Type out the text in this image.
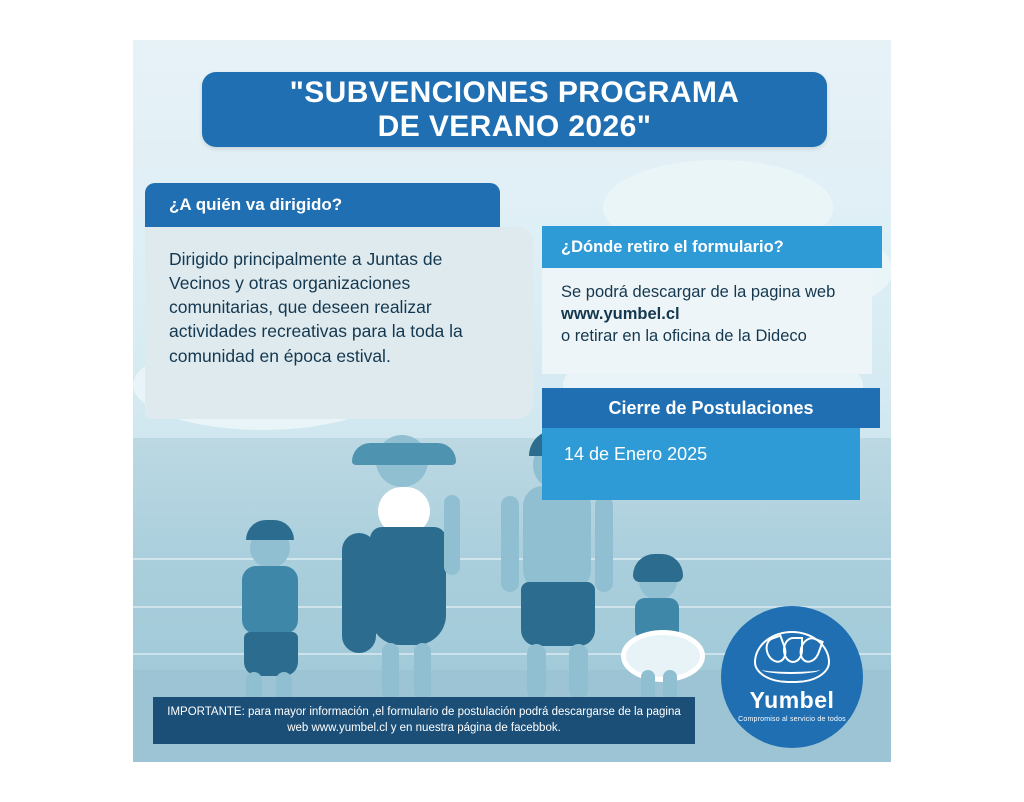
"SUBVENCIONES PROGRAMA
DE VERANO 2026"
¿A quién va dirigido?

Dirigido principalmente a Juntas de Vecinos y otras organizaciones comunitarias, que deseen realizar actividades recreativas para la toda la comunidad en época estival.

¿Dónde retiro el formulario?

Se podrá descargar de la pagina web www.yumbel.cl
o retirar en la oficina de la Dideco

Cierre de Postulaciones
14 de Enero 2025

IMPORTANTE: para mayor información ,el formulario de postulación podrá descargarse de la pagina web www.yumbel.cl y en nuestra página de facebbok.

Yumbel
Compromiso al servicio de todos
